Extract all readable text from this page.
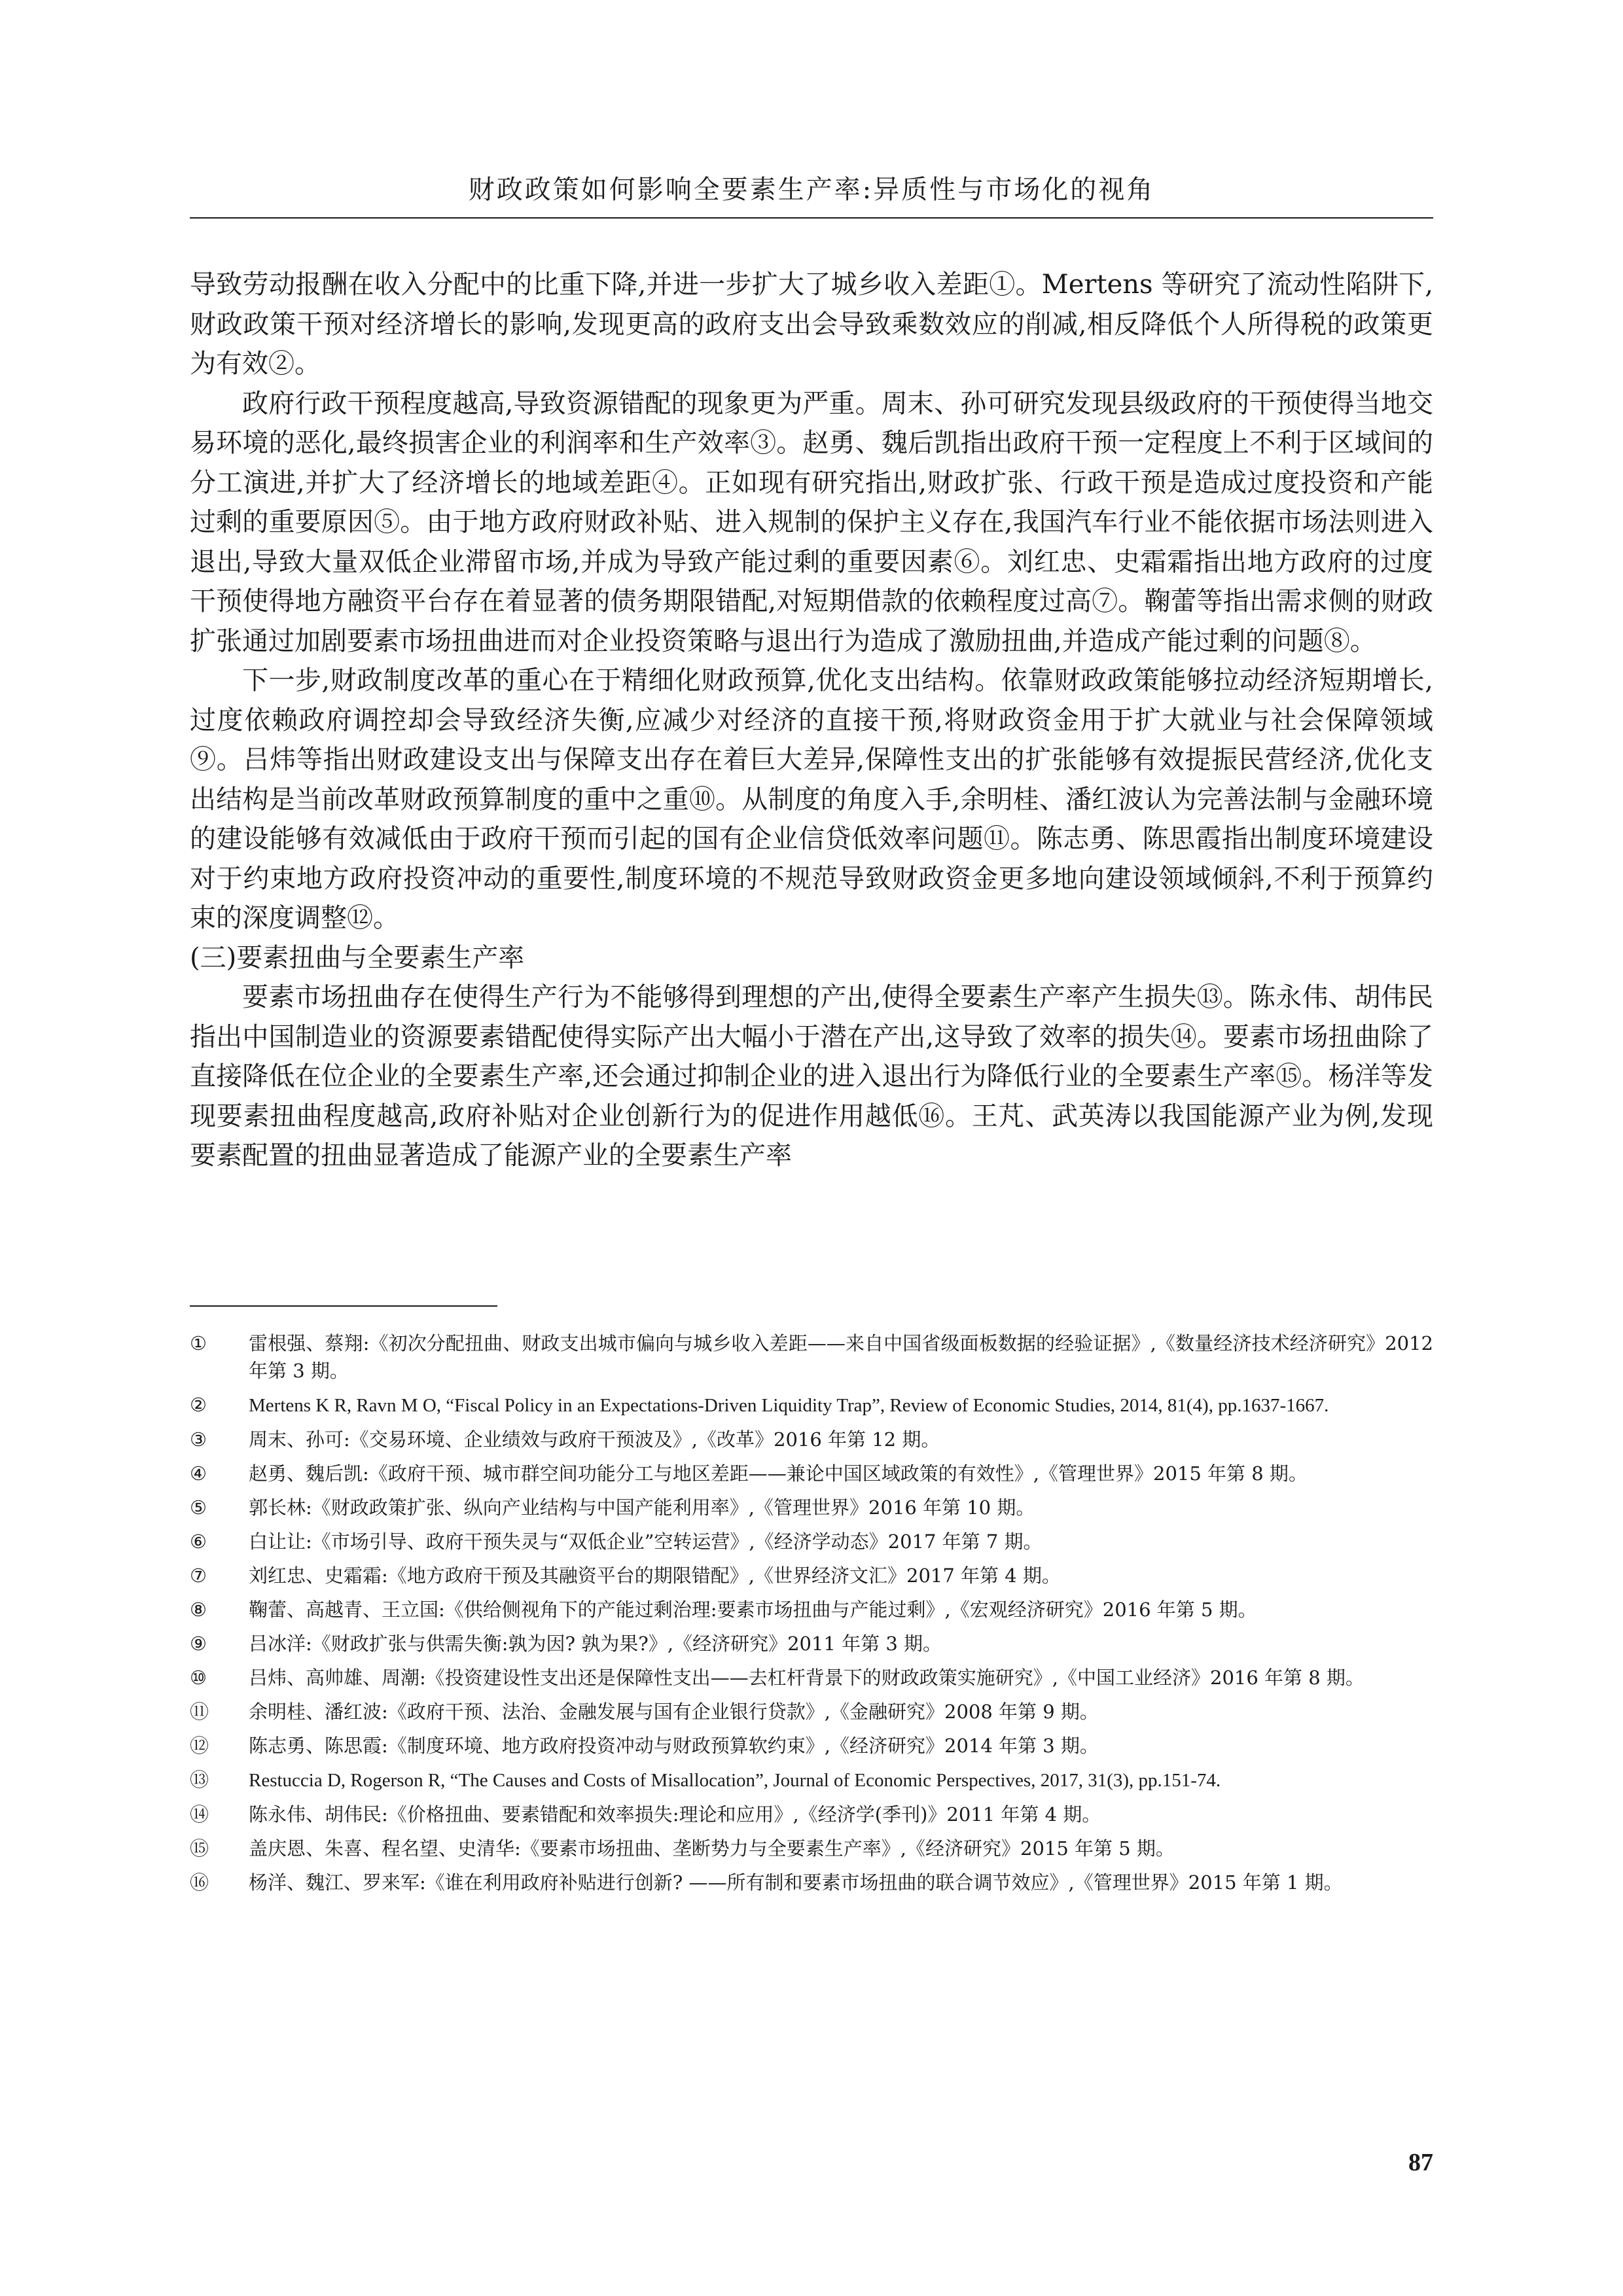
财政政策如何影响全要素生产率:异质性与市场化的视角

导致劳动报酬在收入分配中的比重下降,并进一步扩大了城乡收入差距①。Mertens 等研究了流动性陷阱下,财政政策干预对经济增长的影响,发现更高的政府支出会导致乘数效应的削减,相反降低个人所得税的政策更为有效②。

政府行政干预程度越高,导致资源错配的现象更为严重。周末、孙可研究发现县级政府的干预使得当地交易环境的恶化,最终损害企业的利润率和生产效率③。赵勇、魏后凯指出政府干预一定程度上不利于区域间的分工演进,并扩大了经济增长的地域差距④。正如现有研究指出,财政扩张、行政干预是造成过度投资和产能过剩的重要原因⑤。由于地方政府财政补贴、进入规制的保护主义存在,我国汽车行业不能依据市场法则进入退出,导致大量双低企业滞留市场,并成为导致产能过剩的重要因素⑥。刘红忠、史霜霜指出地方政府的过度干预使得地方融资平台存在着显著的债务期限错配,对短期借款的依赖程度过高⑦。鞠蕾等指出需求侧的财政扩张通过加剧要素市场扭曲进而对企业投资策略与退出行为造成了激励扭曲,并造成产能过剩的问题⑧。

下一步,财政制度改革的重心在于精细化财政预算,优化支出结构。依靠财政政策能够拉动经济短期增长,过度依赖政府调控却会导致经济失衡,应减少对经济的直接干预,将财政资金用于扩大就业与社会保障领域⑨。吕炜等指出财政建设支出与保障支出存在着巨大差异,保障性支出的扩张能够有效提振民营经济,优化支出结构是当前改革财政预算制度的重中之重⑩。从制度的角度入手,余明桂、潘红波认为完善法制与金融环境的建设能够有效减低由于政府干预而引起的国有企业信贷低效率问题⑪。陈志勇、陈思霞指出制度环境建设对于约束地方政府投资冲动的重要性,制度环境的不规范导致财政资金更多地向建设领域倾斜,不利于预算约束的深度调整⑫。

(三)要素扭曲与全要素生产率

要素市场扭曲存在使得生产行为不能够得到理想的产出,使得全要素生产率产生损失⑬。陈永伟、胡伟民指出中国制造业的资源要素错配使得实际产出大幅小于潜在产出,这导致了效率的损失⑭。要素市场扭曲除了直接降低在位企业的全要素生产率,还会通过抑制企业的进入退出行为降低行业的全要素生产率⑮。杨洋等发现要素扭曲程度越高,政府补贴对企业创新行为的促进作用越低⑯。王芃、武英涛以我国能源产业为例,发现要素配置的扭曲显著造成了能源产业的全要素生产率

①	雷根强、蔡翔:《初次分配扭曲、财政支出城市偏向与城乡收入差距——来自中国省级面板数据的经验证据》,《数量经济技术经济研究》2012 年第 3 期。
②	Mertens K R, Ravn M O, “Fiscal Policy in an Expectations-Driven Liquidity Trap”, Review of Economic Studies, 2014, 81(4), pp.1637-1667.
③	周末、孙可:《交易环境、企业绩效与政府干预波及》,《改革》2016 年第 12 期。
④	赵勇、魏后凯:《政府干预、城市群空间功能分工与地区差距——兼论中国区域政策的有效性》,《管理世界》2015 年第 8 期。
⑤	郭长林:《财政政策扩张、纵向产业结构与中国产能利用率》,《管理世界》2016 年第 10 期。
⑥	白让让:《市场引导、政府干预失灵与“双低企业”空转运营》,《经济学动态》2017 年第 7 期。
⑦	刘红忠、史霜霜:《地方政府干预及其融资平台的期限错配》,《世界经济文汇》2017 年第 4 期。
⑧	鞠蕾、高越青、王立国:《供给侧视角下的产能过剩治理:要素市场扭曲与产能过剩》,《宏观经济研究》2016 年第 5 期。
⑨	吕冰洋:《财政扩张与供需失衡:孰为因? 孰为果?》,《经济研究》2011 年第 3 期。
⑩	吕炜、高帅雄、周潮:《投资建设性支出还是保障性支出——去杠杆背景下的财政政策实施研究》,《中国工业经济》2016 年第 8 期。
⑪	余明桂、潘红波:《政府干预、法治、金融发展与国有企业银行贷款》,《金融研究》2008 年第 9 期。
⑫	陈志勇、陈思霞:《制度环境、地方政府投资冲动与财政预算软约束》,《经济研究》2014 年第 3 期。
⑬	Restuccia D, Rogerson R, “The Causes and Costs of Misallocation”, Journal of Economic Perspectives, 2017, 31(3), pp.151-74.
⑭	陈永伟、胡伟民:《价格扭曲、要素错配和效率损失:理论和应用》,《经济学(季刊)》2011 年第 4 期。
⑮	盖庆恩、朱喜、程名望、史清华:《要素市场扭曲、垄断势力与全要素生产率》,《经济研究》2015 年第 5 期。
⑯	杨洋、魏江、罗来军:《谁在利用政府补贴进行创新? ——所有制和要素市场扭曲的联合调节效应》,《管理世界》2015 年第 1 期。
87
